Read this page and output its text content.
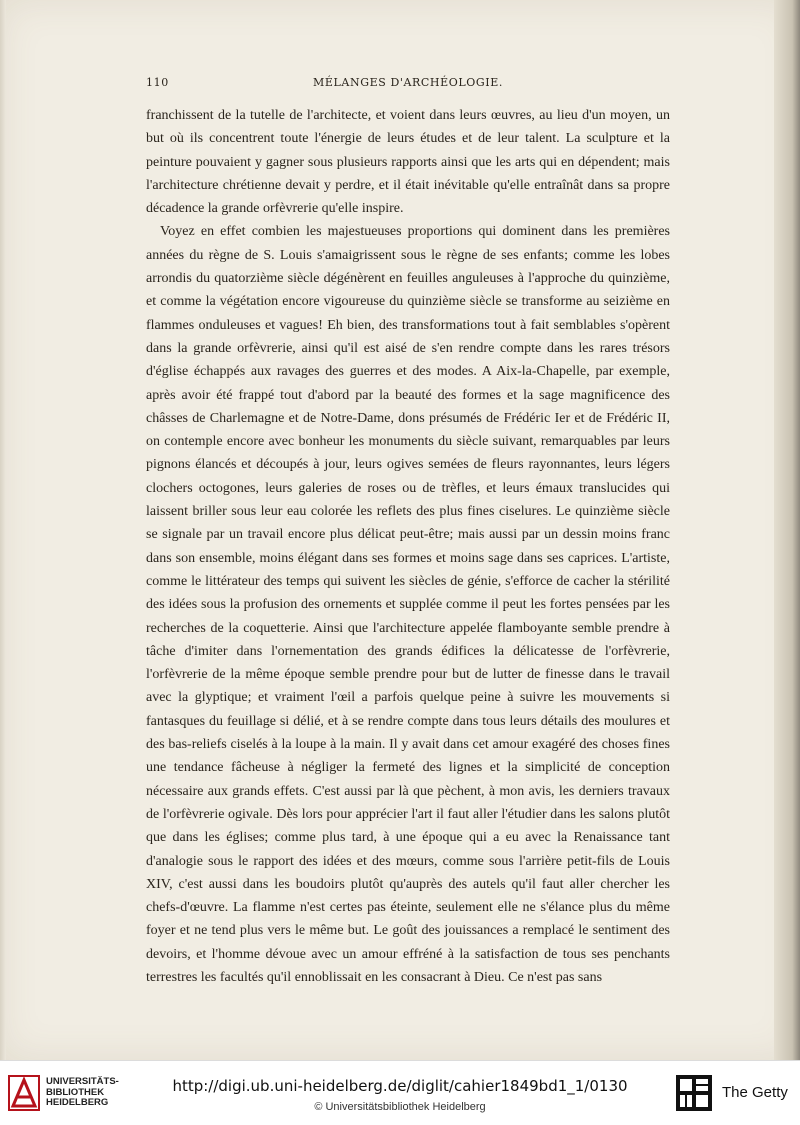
110	MÉLANGES D'ARCHÉOLOGIE.

franchissent de la tutelle de l'architecte, et voient dans leurs œuvres, au lieu d'un moyen, un but où ils concentrent toute l'énergie de leurs études et de leur talent. La sculpture et la peinture pouvaient y gagner sous plusieurs rapports ainsi que les arts qui en dépendent; mais l'architecture chrétienne devait y perdre, et il était inévitable qu'elle entraînât dans sa propre décadence la grande orfèvrerie qu'elle inspire.

Voyez en effet combien les majestueuses proportions qui dominent dans les premières années du règne de S. Louis s'amaigrissent sous le règne de ses enfants; comme les lobes arrondis du quatorzième siècle dégénèrent en feuilles anguleuses à l'approche du quinzième, et comme la végétation encore vigoureuse du quinzième siècle se transforme au seizième en flammes onduleuses et vagues! Eh bien, des transformations tout à fait semblables s'opèrent dans la grande orfèvrerie, ainsi qu'il est aisé de s'en rendre compte dans les rares trésors d'église échappés aux ravages des guerres et des modes. A Aix-la-Chapelle, par exemple, après avoir été frappé tout d'abord par la beauté des formes et la sage magnificence des châsses de Charlemagne et de Notre-Dame, dons présumés de Frédéric Ier et de Frédéric II, on contemple encore avec bonheur les monuments du siècle suivant, remarquables par leurs pignons élancés et découpés à jour, leurs ogives semées de fleurs rayonnantes, leurs légers clochers octogones, leurs galeries de roses ou de trèfles, et leurs émaux translucides qui laissent briller sous leur eau colorée les reflets des plus fines ciselures. Le quinzième siècle se signale par un travail encore plus délicat peut-être; mais aussi par un dessin moins franc dans son ensemble, moins élégant dans ses formes et moins sage dans ses caprices. L'artiste, comme le littérateur des temps qui suivent les siècles de génie, s'efforce de cacher la stérilité des idées sous la profusion des ornements et supplée comme il peut les fortes pensées par les recherches de la coquetterie. Ainsi que l'architecture appelée flamboyante semble prendre à tâche d'imiter dans l'ornementation des grands édifices la délicatesse de l'orfèvrerie, l'orfèvrerie de la même époque semble prendre pour but de lutter de finesse dans le travail avec la glyptique; et vraiment l'œil a parfois quelque peine à suivre les mouvements si fantasques du feuillage si délié, et à se rendre compte dans tous leurs détails des moulures et des bas-reliefs ciselés à la loupe à la main. Il y avait dans cet amour exagéré des choses fines une tendance fâcheuse à négliger la fermeté des lignes et la simplicité de conception nécessaire aux grands effets. C'est aussi par là que pèchent, à mon avis, les derniers travaux de l'orfèvrerie ogivale. Dès lors pour apprécier l'art il faut aller l'étudier dans les salons plutôt que dans les églises; comme plus tard, à une époque qui a eu avec la Renaissance tant d'analogie sous le rapport des idées et des mœurs, comme sous l'arrière petit-fils de Louis XIV, c'est aussi dans les boudoirs plutôt qu'auprès des autels qu'il faut aller chercher les chefs-d'œuvre. La flamme n'est certes pas éteinte, seulement elle ne s'élance plus du même foyer et ne tend plus vers le même but. Le goût des jouissances a remplacé le sentiment des devoirs, et l'homme dévoue avec un amour effréné à la satisfaction de tous ses penchants terrestres les facultés qu'il ennoblissait en les consacrant à Dieu. Ce n'est pas sans

UNIVERSITÄTS-
BIBLIOTHEK
HEIDELBERG
http://digi.ub.uni-heidelberg.de/diglit/cahier1849bd1_1/0130
© Universitätsbibliothek Heidelberg
The Getty
